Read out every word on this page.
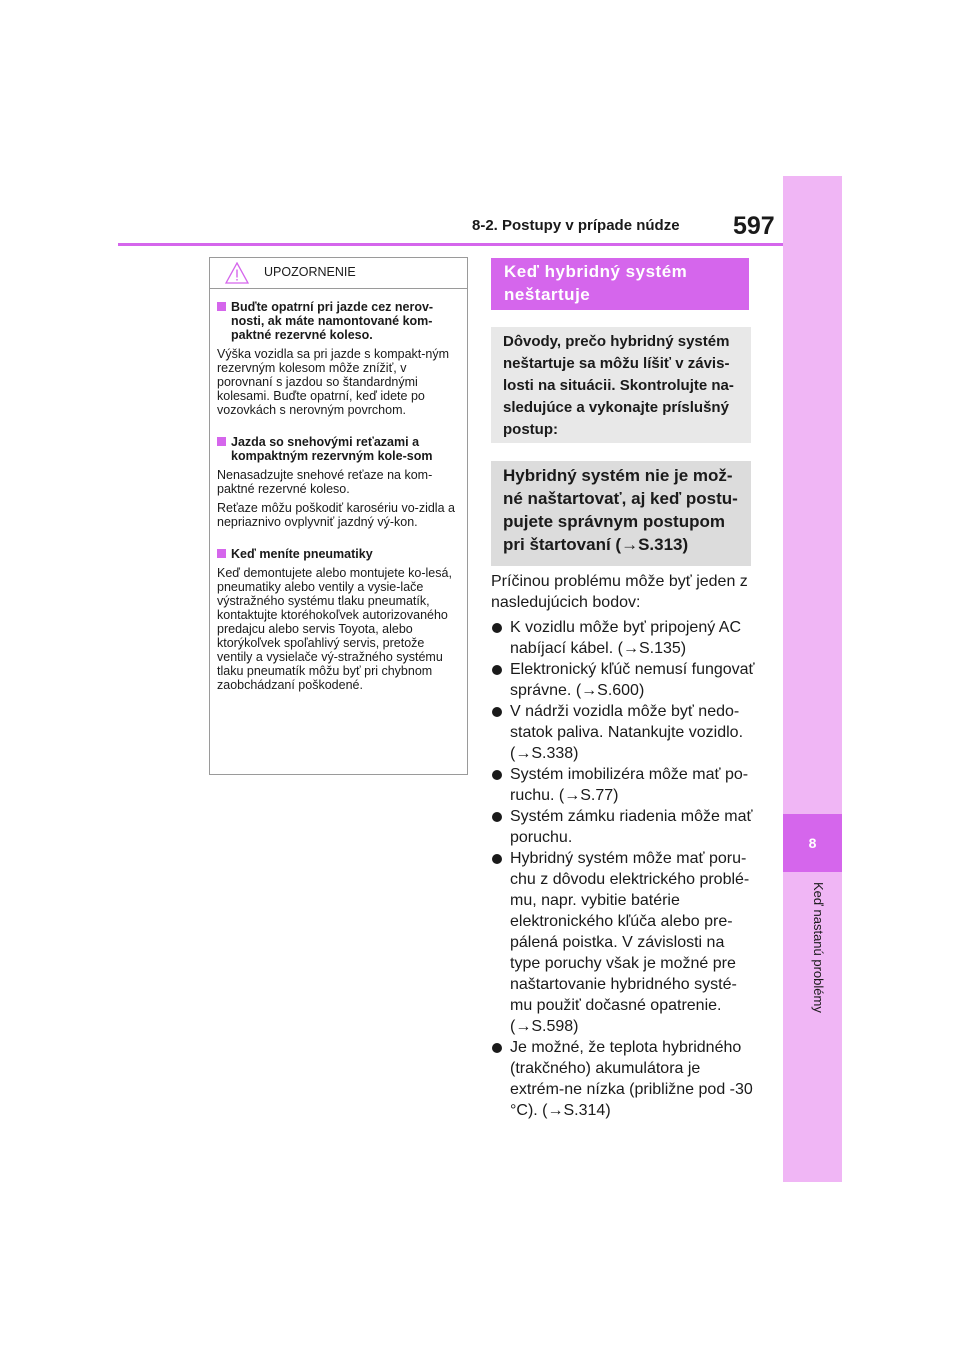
8
Keď nastanú problémy
8-2. Postupy v prípade núdze 597
UPOZORNENIE
Buďte opatrní pri jazde cez nerov-nosti, ak máte namontované kom-paktné rezervné koleso.
Výška vozidla sa pri jazde s kompakt-ným rezervným kolesom môže znížiť, v porovnaní s jazdou so štandardnými kolesami. Buďte opatrní, keď idete po vozovkách s nerovným povrchom.
Jazda so snehovými reťazami a kompaktným rezervným kole-som
Nenasadzujte snehové reťaze na kom-paktné rezervné koleso.
Reťaze môžu poškodiť karosériu vo-zidla a nepriaznivo ovplyvniť jazdný vý-kon.
Keď meníte pneumatiky
Keď demontujete alebo montujete ko-lesá, pneumatiky alebo ventily a vysie-lače výstražného systému tlaku pneumatík, kontaktujte ktoréhokoľvek autorizovaného predajcu alebo servis Toyota, alebo ktorýkoľvek spoľahlivý servis, pretože ventily a vysielače vý-stražného systému tlaku pneumatík môžu byť pri chybnom zaobchádzaní poškodené.
Keď hybridný systém neštartuje
Dôvody, prečo hybridný systém neštartuje sa môžu líšiť v závis-losti na situácii. Skontrolujte na-sledujúce a vykonajte príslušný postup:
Hybridný systém nie je mož-né naštartovať, aj keď postu-pujete správnym postupom pri štartovaní (→S.313)

Príčinou problému môže byť jeden z nasledujúcich bodov:

K vozidlu môže byť pripojený AC nabíjací kábel. (→S.135)
Elektronický kľúč nemusí fungovať správne. (→S.600)
V nádrži vozidla môže byť nedo-statok paliva. Natankujte vozidlo. (→S.338)
Systém imobilizéra môže mať po-ruchu. (→S.77)
Systém zámku riadenia môže mať poruchu.
Hybridný systém môže mať poru-chu z dôvodu elektrického problé-mu, napr. vybitie batérie elektronického kľúča alebo pre-pálená poistka. V závislosti na type poruchy však je možné pre naštartovanie hybridného systé-mu použiť dočasné opatrenie. (→S.598)
Je možné, že teplota hybridného (trakčného) akumulátora je extrém-ne nízka (približne pod -30 °C). (→S.314)
